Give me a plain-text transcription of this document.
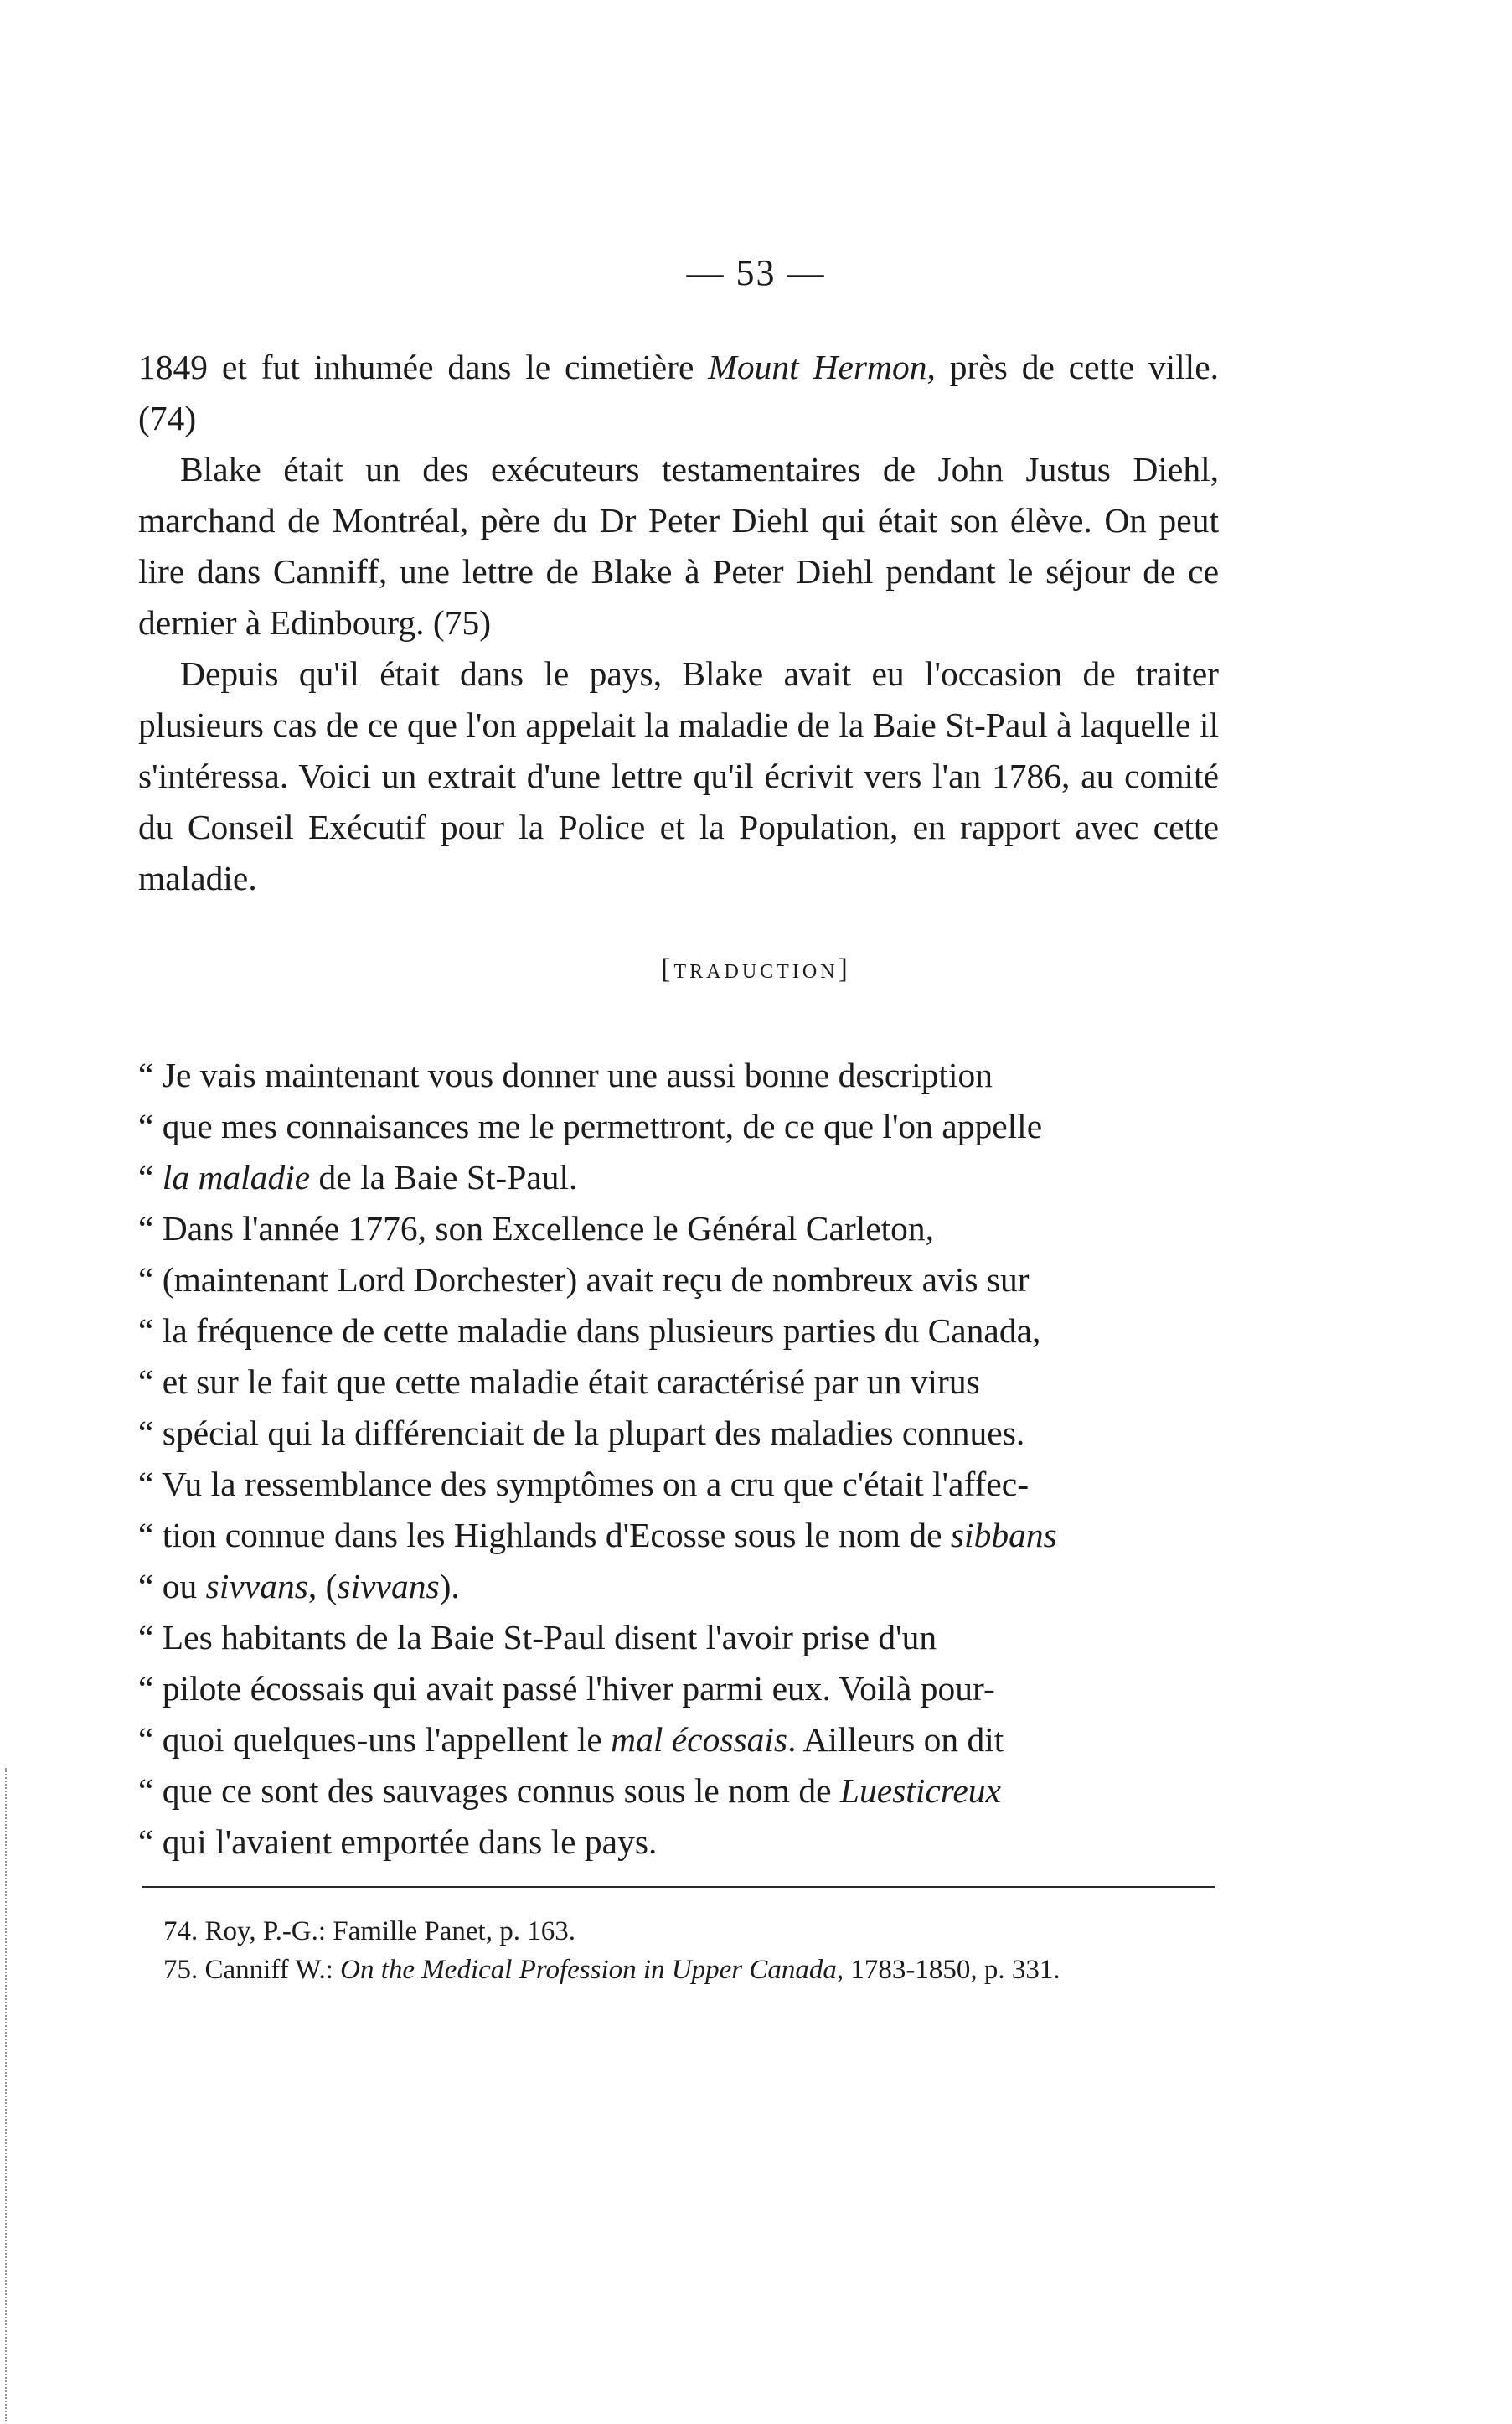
— 53 —

1849 et fut inhumée dans le cimetière Mount Hermon, près de cette ville. (74)

Blake était un des exécuteurs testamentaires de John Justus Diehl, marchand de Montréal, père du Dr Peter Diehl qui était son élève. On peut lire dans Canniff, une lettre de Blake à Peter Diehl pendant le séjour de ce dernier à Edinbourg. (75)

Depuis qu'il était dans le pays, Blake avait eu l'occasion de traiter plusieurs cas de ce que l'on appelait la maladie de la Baie St-Paul à laquelle il s'intéressa. Voici un extrait d'une lettre qu'il écrivit vers l'an 1786, au comité du Conseil Exécutif pour la Police et la Population, en rapport avec cette maladie.

[traduction]
“ Je vais maintenant vous donner une aussi bonne description
“ que mes connaisances me le permettront, de ce que l'on appelle
“ la maladie de la Baie St-Paul.
“ Dans l'année 1776, son Excellence le Général Carleton,
“ (maintenant Lord Dorchester) avait reçu de nombreux avis sur
“ la fréquence de cette maladie dans plusieurs parties du Canada,
“ et sur le fait que cette maladie était caractérisé par un virus
“ spécial qui la différenciait de la plupart des maladies connues.
“ Vu la ressemblance des symptômes on a cru que c'était l'affec-
“ tion connue dans les Highlands d'Ecosse sous le nom de sibbans
“ ou sivvans, (sivvans).
“ Les habitants de la Baie St-Paul disent l'avoir prise d'un
“ pilote écossais qui avait passé l'hiver parmi eux. Voilà pour-
“ quoi quelques-uns l'appellent le mal écossais. Ailleurs on dit
“ que ce sont des sauvages connus sous le nom de Luesticreux
“ qui l'avaient emportée dans le pays.

74. Roy, P.-G.: Famille Panet, p. 163.

75. Canniff W.: On the Medical Profession in Upper Canada, 1783-1850, p. 331.
